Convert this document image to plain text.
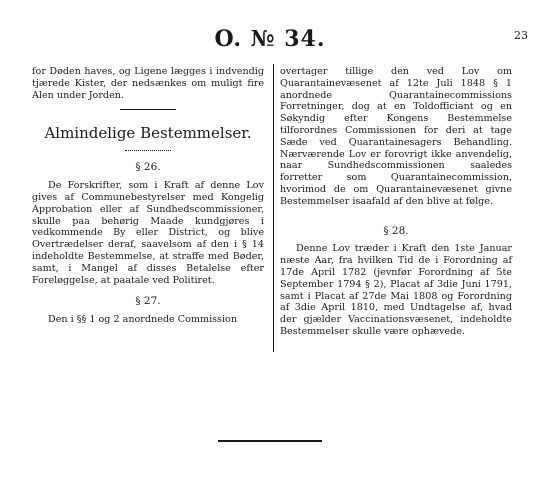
O. № 34.	23

for Døden haves, og Ligene lægges i indvendig tjærede Kister, der nedsænkes om muligt fire Alen under Jorden.

Almindelige Bestemmelser.
§ 26.

De Forskrifter, som i Kraft af denne Lov gives af Communebestyrelser med Kongelig Approbation eller af Sundhedscommissioner, skulle paa behørig Maade kundgjøres i vedkommende By eller District, og blive Overtrædelser deraf, saavelsom af den i § 14 indeholdte Bestemmelse, at straffe med Bøder, samt, i Mangel af disses Betalelse efter Foreløggelse, at paatale ved Politiret.

§ 27.

Den i §§ 1 og 2 anordnede Commission

overtager tillige den ved Lov om Quarantainevæsenet af 12te Juli 1848 § 1 anordnede Quarantainecommissions Forretninger, dog at en Toldofficiant og en Søkyndig efter Kongens Bestemmelse tilforordnes Commissionen for deri at tage Sæde ved Quarantainesagers Behandling. Nærværende Lov er forovrigt ikke anvendelig, naar Sundhedscommissionen saaledes forretter som Quarantainecommission, hvorimod de om Quarantainevæsenet givne Bestemmelser isaafald af den blive at følge.

§ 28.

Denne Lov træder i Kraft den 1ste Januar næste Aar, fra hvilken Tid de i Forordning af 17de April 1782 (jevnfør Forordning af 5te September 1794 § 2), Placat af 3die Juni 1791, samt i Placat af 27de Mai 1808 og Forordning af 3die April 1810, med Undtagelse af, hvad der gjælder Vaccinationsvæsenet, indeholdte Bestemmelser skulle være ophævede.
